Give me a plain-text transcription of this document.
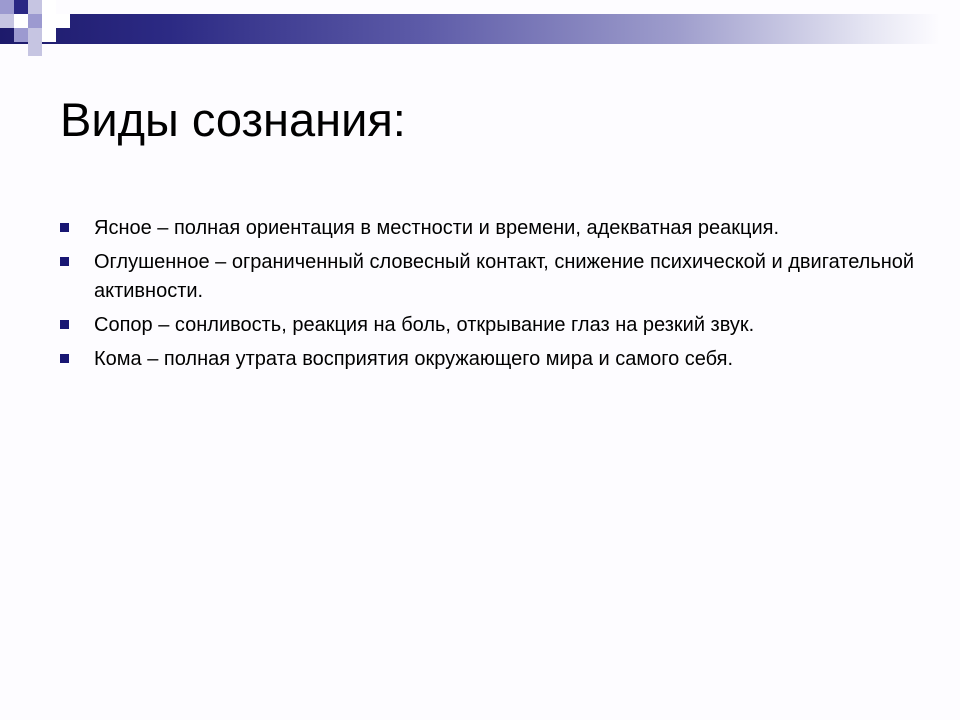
Виды сознания:
Ясное – полная ориентация в местности и времени, адекватная реакция.
Оглушенное – ограниченный словесный контакт, снижение психической и двигательной активности.
Сопор – сонливость, реакция на боль, открывание глаз на резкий звук.
Кома – полная утрата восприятия окружающего мира и самого себя.
